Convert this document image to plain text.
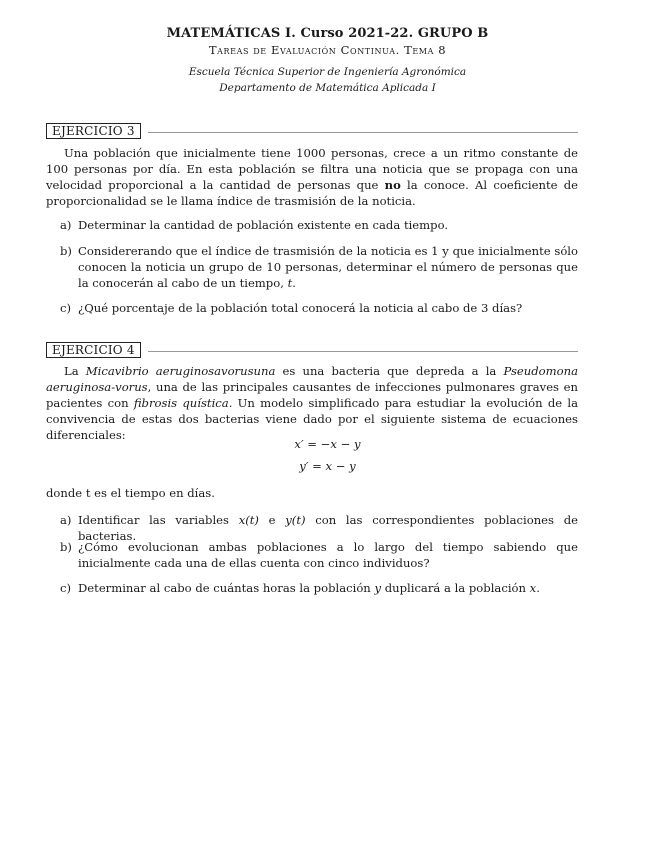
MATEMÁTICAS I. Curso 2021-22. GRUPO B
Tareas de Evaluación Continua. Tema 8
Escuela Técnica Superior de Ingeniería Agronómica
Departamento de Matemática Aplicada I
EJERCICIO 3
Una población que inicialmente tiene 1000 personas, crece a un ritmo constante de 100 personas por día. En esta población se filtra una noticia que se propaga con una velocidad proporcional a la cantidad de personas que no la conoce. Al coeficiente de proporcionalidad se le llama índice de trasmisión de la noticia.
a) Determinar la cantidad de población existente en cada tiempo.
b) Considererando que el índice de trasmisión de la noticia es 1 y que inicialmente sólo conocen la noticia un grupo de 10 personas, determinar el número de personas que la conocerán al cabo de un tiempo, t.
c) ¿Qué porcentaje de la población total conocerá la noticia al cabo de 3 días?
EJERCICIO 4
La Micavibrio aeruginosavorusuna es una bacteria que depreda a la Pseudomona aeruginosa-vorus, una de las principales causantes de infecciones pulmonares graves en pacientes con fibrosis quística. Un modelo simplificado para estudiar la evolución de la convivencia de estas dos bacterias viene dado por el siguiente sistema de ecuaciones diferenciales:
x′ = −x − y
y′ = x − y
donde t es el tiempo en días.
a) Identificar las variables x(t) e y(t) con las correspondientes poblaciones de bacterias.
b) ¿Cómo evolucionan ambas poblaciones a lo largo del tiempo sabiendo que inicialmente cada una de ellas cuenta con cinco individuos?
c) Determinar al cabo de cuántas horas la población y duplicará a la población x.
